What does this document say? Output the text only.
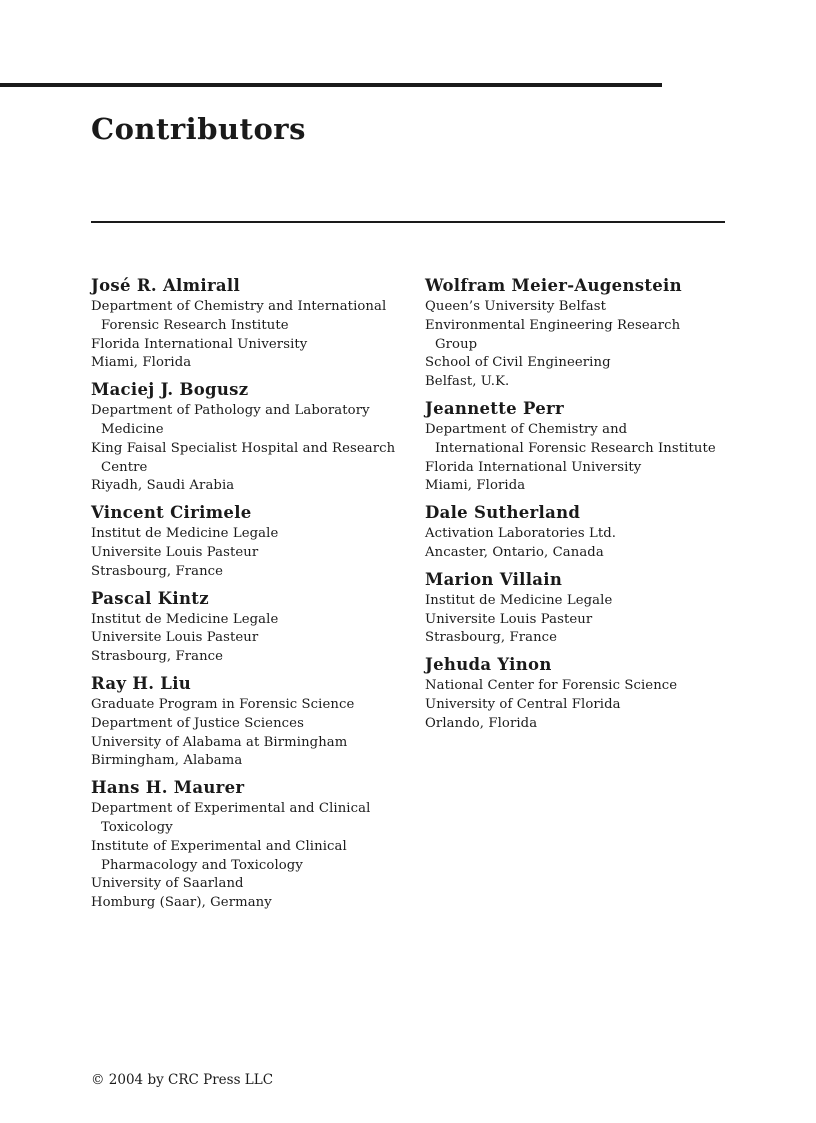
Contributors

José R. Almirall

Department of Chemistry and International

Forensic Research Institute

Florida International University

Miami, Florida

Maciej J. Bogusz

Department of Pathology and Laboratory

Medicine

King Faisal Specialist Hospital and Research

Centre

Riyadh, Saudi Arabia

Vincent Cirimele

Institut de Medicine Legale

Universite Louis Pasteur

Strasbourg, France

Pascal Kintz

Institut de Medicine Legale

Universite Louis Pasteur

Strasbourg, France

Ray H. Liu

Graduate Program in Forensic Science

Department of Justice Sciences

University of Alabama at Birmingham

Birmingham, Alabama

Hans H. Maurer

Department of Experimental and Clinical

Toxicology

Institute of Experimental and Clinical

Pharmacology and Toxicology

University of Saarland

Homburg (Saar), Germany

Wolfram Meier-Augenstein

Queen’s University Belfast

Environmental Engineering Research

Group

School of Civil Engineering

Belfast, U.K.

Jeannette Perr

Department of Chemistry and

International Forensic Research Institute

Florida International University

Miami, Florida

Dale Sutherland

Activation Laboratories Ltd.

Ancaster, Ontario, Canada

Marion Villain

Institut de Medicine Legale

Universite Louis Pasteur

Strasbourg, France

Jehuda Yinon

National Center for Forensic Science

University of Central Florida

Orlando, Florida

© 2004 by CRC Press LLC
